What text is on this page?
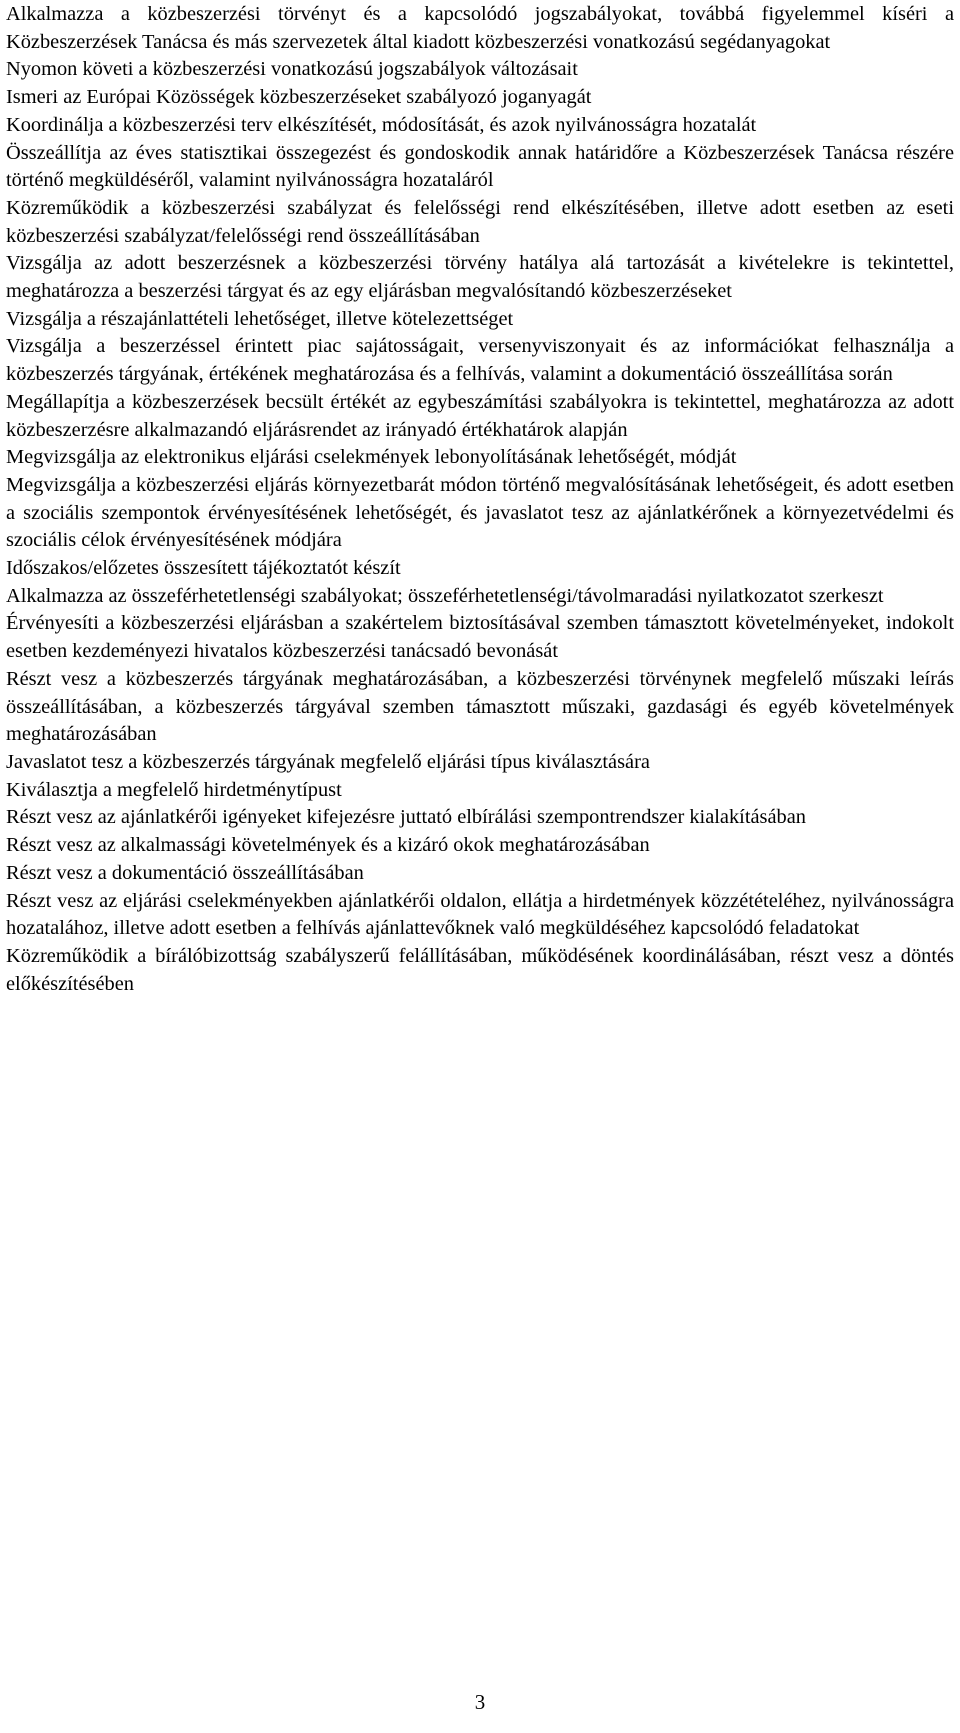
Alkalmazza a közbeszerzési törvényt és a kapcsolódó jogszabályokat, továbbá figyelemmel kíséri a Közbeszerzések Tanácsa és más szervezetek által kiadott közbeszerzési vonatkozású segédanyagokat

Nyomon követi a közbeszerzési vonatkozású jogszabályok változásait

Ismeri az Európai Közösségek közbeszerzéseket szabályozó joganyagát

Koordinálja a közbeszerzési terv elkészítését, módosítását, és azok nyilvánosságra hozatalát

Összeállítja az éves statisztikai összegezést és gondoskodik annak határidőre a Közbeszerzések Tanácsa részére történő megküldéséről, valamint nyilvánosságra hozataláról

Közreműködik a közbeszerzési szabályzat és felelősségi rend elkészítésében, illetve adott esetben az eseti közbeszerzési szabályzat/felelősségi rend összeállításában

Vizsgálja az adott beszerzésnek a közbeszerzési törvény hatálya alá tartozását a kivételekre is tekintettel, meghatározza a beszerzési tárgyat és az egy eljárásban megvalósítandó közbeszerzéseket

Vizsgálja a részajánlattételi lehetőséget, illetve kötelezettséget

Vizsgálja a beszerzéssel érintett piac sajátosságait, versenyviszonyait és az információkat felhasználja a közbeszerzés tárgyának, értékének meghatározása és a felhívás, valamint a dokumentáció összeállítása során

Megállapítja a közbeszerzések becsült értékét az egybeszámítási szabályokra is tekintettel, meghatározza az adott közbeszerzésre alkalmazandó eljárásrendet az irányadó értékhatárok alapján

Megvizsgálja az elektronikus eljárási cselekmények lebonyolításának lehetőségét, módját

Megvizsgálja a közbeszerzési eljárás környezetbarát módon történő megvalósításának lehetőségeit, és adott esetben a szociális szempontok érvényesítésének lehetőségét, és javaslatot tesz az ajánlatkérőnek a környezetvédelmi és szociális célok érvényesítésének módjára

Időszakos/előzetes összesített tájékoztatót készít

Alkalmazza az összeférhetetlenségi szabályokat; összeférhetetlenségi/távolmaradási nyilatkozatot szerkeszt

Érvényesíti a közbeszerzési eljárásban a szakértelem biztosításával szemben támasztott követelményeket, indokolt esetben kezdeményezi hivatalos közbeszerzési tanácsadó bevonását

Részt vesz a közbeszerzés tárgyának meghatározásában, a közbeszerzési törvénynek megfelelő műszaki leírás összeállításában, a közbeszerzés tárgyával szemben támasztott műszaki, gazdasági és egyéb követelmények meghatározásában

Javaslatot tesz a közbeszerzés tárgyának megfelelő eljárási típus kiválasztására

Kiválasztja a megfelelő hirdetménytípust

Részt vesz az ajánlatkérői igényeket kifejezésre juttató elbírálási szempontrendszer kialakításában

Részt vesz az alkalmassági követelmények és a kizáró okok meghatározásában

Részt vesz a dokumentáció összeállításában

Részt vesz az eljárási cselekményekben ajánlatkérői oldalon, ellátja a hirdetmények közzétételéhez, nyilvánosságra hozatalához, illetve adott esetben a felhívás ajánlattevőknek való megküldéséhez kapcsolódó feladatokat

Közreműködik a bírálóbizottság szabályszerű felállításában, működésének koordinálásában, részt vesz a döntés előkészítésében

3
